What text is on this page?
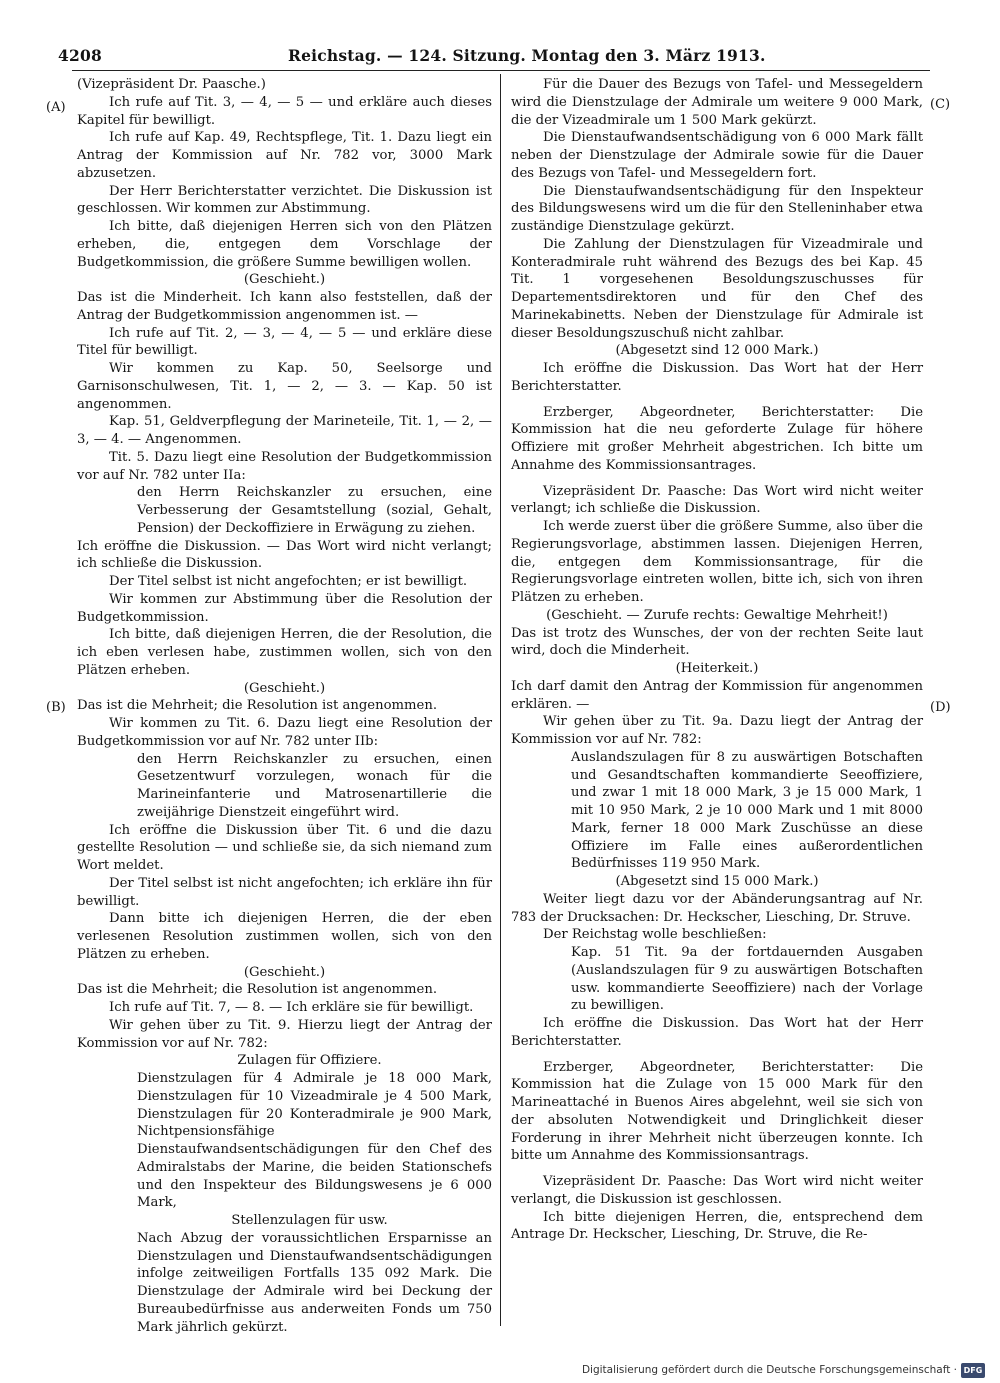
4208	Reichstag. — 124. Sitzung. Montag den 3. März 1913.
(A)
(B)
(C)
(D)

(Vizepräsident Dr. Paasche.)

Ich rufe auf Tit. 3, — 4, — 5 — und erkläre auch dieses Kapitel für bewilligt.

Ich rufe auf Kap. 49, Rechtspflege, Tit. 1. Dazu liegt ein Antrag der Kommission auf Nr. 782 vor, 3000 Mark abzusetzen.

Der Herr Berichterstatter verzichtet. Die Diskussion ist geschlossen. Wir kommen zur Abstimmung.

Ich bitte, daß diejenigen Herren sich von den Plätzen erheben, die, entgegen dem Vorschlage der Budgetkommission, die größere Summe bewilligen wollen.

(Geschieht.)

Das ist die Minderheit. Ich kann also feststellen, daß der Antrag der Budgetkommission angenommen ist. —

Ich rufe auf Tit. 2, — 3, — 4, — 5 — und erkläre diese Titel für bewilligt.

Wir kommen zu Kap. 50, Seelsorge und Garnisonschulwesen, Tit. 1, — 2, — 3. — Kap. 50 ist angenommen.

Kap. 51, Geldverpflegung der Marineteile, Tit. 1, — 2, — 3, — 4. — Angenommen.

Tit. 5. Dazu liegt eine Resolution der Budgetkommission vor auf Nr. 782 unter IIa:

den Herrn Reichskanzler zu ersuchen, eine Verbesserung der Gesamtstellung (sozial, Gehalt, Pension) der Deckoffiziere in Erwägung zu ziehen.

Ich eröffne die Diskussion. — Das Wort wird nicht verlangt; ich schließe die Diskussion.

Der Titel selbst ist nicht angefochten; er ist bewilligt.

Wir kommen zur Abstimmung über die Resolution der Budgetkommission.

Ich bitte, daß diejenigen Herren, die der Resolution, die ich eben verlesen habe, zustimmen wollen, sich von den Plätzen erheben.

(Geschieht.)

Das ist die Mehrheit; die Resolution ist angenommen.

Wir kommen zu Tit. 6. Dazu liegt eine Resolution der Budgetkommission vor auf Nr. 782 unter IIb:

den Herrn Reichskanzler zu ersuchen, einen Gesetzentwurf vorzulegen, wonach für die Marineinfanterie und Matrosenartillerie die zweijährige Dienstzeit eingeführt wird.

Ich eröffne die Diskussion über Tit. 6 und die dazu gestellte Resolution — und schließe sie, da sich niemand zum Wort meldet.

Der Titel selbst ist nicht angefochten; ich erkläre ihn für bewilligt.

Dann bitte ich diejenigen Herren, die der eben verlesenen Resolution zustimmen wollen, sich von den Plätzen zu erheben.

(Geschieht.)

Das ist die Mehrheit; die Resolution ist angenommen.

Ich rufe auf Tit. 7, — 8. — Ich erkläre sie für bewilligt.

Wir gehen über zu Tit. 9. Hierzu liegt der Antrag der Kommission vor auf Nr. 782:

Zulagen für Offiziere.

Dienstzulagen für 4 Admirale je 18 000 Mark, Dienstzulagen für 10 Vizeadmirale je 4 500 Mark, Dienstzulagen für 20 Konteradmirale je 900 Mark, Nichtpensionsfähige Dienstaufwandsentschädigungen für den Chef des Admiralstabs der Marine, die beiden Stationschefs und den Inspekteur des Bildungswesens je 6 000 Mark,

Stellenzulagen für usw.

Nach Abzug der voraussichtlichen Ersparnisse an Dienstzulagen und Dienstaufwandsentschädigungen infolge zeitweiligen Fortfalls 135 092 Mark. Die Dienstzulage der Admirale wird bei Deckung der Bureaubedürfnisse aus anderweiten Fonds um 750 Mark jährlich gekürzt.

Für die Dauer des Bezugs von Tafel- und Messegeldern wird die Dienstzulage der Admirale um weitere 9 000 Mark, die der Vizeadmirale um 1 500 Mark gekürzt.

Die Dienstaufwandsentschädigung von 6 000 Mark fällt neben der Dienstzulage der Admirale sowie für die Dauer des Bezugs von Tafel- und Messegeldern fort.

Die Dienstaufwandsentschädigung für den Inspekteur des Bildungswesens wird um die für den Stelleninhaber etwa zuständige Dienstzulage gekürzt.

Die Zahlung der Dienstzulagen für Vizeadmirale und Konteradmirale ruht während des Bezugs des bei Kap. 45 Tit. 1 vorgesehenen Besoldungszuschusses für Departementsdirektoren und für den Chef des Marinekabinetts. Neben der Dienstzulage für Admirale ist dieser Besoldungszuschuß nicht zahlbar.

(Abgesetzt sind 12 000 Mark.)

Ich eröffne die Diskussion. Das Wort hat der Herr Berichterstatter.

Erzberger, Abgeordneter, Berichterstatter: Die Kommission hat die neu geforderte Zulage für höhere Offiziere mit großer Mehrheit abgestrichen. Ich bitte um Annahme des Kommissionsantrages.

Vizepräsident Dr. Paasche: Das Wort wird nicht weiter verlangt; ich schließe die Diskussion.

Ich werde zuerst über die größere Summe, also über die Regierungsvorlage, abstimmen lassen. Diejenigen Herren, die, entgegen dem Kommissionsantrage, für die Regierungsvorlage eintreten wollen, bitte ich, sich von ihren Plätzen zu erheben.

(Geschieht. — Zurufe rechts: Gewaltige Mehrheit!)

Das ist trotz des Wunsches, der von der rechten Seite laut wird, doch die Minderheit.

(Heiterkeit.)

Ich darf damit den Antrag der Kommission für angenommen erklären. —

Wir gehen über zu Tit. 9a. Dazu liegt der Antrag der Kommission vor auf Nr. 782:

Auslandszulagen für 8 zu auswärtigen Botschaften und Gesandtschaften kommandierte Seeoffiziere, und zwar 1 mit 18 000 Mark, 3 je 15 000 Mark, 1 mit 10 950 Mark, 2 je 10 000 Mark und 1 mit 8000 Mark, ferner 18 000 Mark Zuschüsse an diese Offiziere im Falle eines außerordentlichen Bedürfnisses 119 950 Mark.

(Abgesetzt sind 15 000 Mark.)

Weiter liegt dazu vor der Abänderungsantrag auf Nr. 783 der Drucksachen: Dr. Heckscher, Liesching, Dr. Struve.

Der Reichstag wolle beschließen:

Kap. 51 Tit. 9a der fortdauernden Ausgaben (Auslandszulagen für 9 zu auswärtigen Botschaften usw. kommandierte Seeoffiziere) nach der Vorlage zu bewilligen.

Ich eröffne die Diskussion. Das Wort hat der Herr Berichterstatter.

Erzberger, Abgeordneter, Berichterstatter: Die Kommission hat die Zulage von 15 000 Mark für den Marineattaché in Buenos Aires abgelehnt, weil sie sich von der absoluten Notwendigkeit und Dringlichkeit dieser Forderung in ihrer Mehrheit nicht überzeugen konnte. Ich bitte um Annahme des Kommissionsantrags.

Vizepräsident Dr. Paasche: Das Wort wird nicht weiter verlangt, die Diskussion ist geschlossen.

Ich bitte diejenigen Herren, die, entsprechend dem Antrage Dr. Heckscher, Liesching, Dr. Struve, die Re-

Digitalisierung gefördert durch die Deutsche Forschungsgemeinschaft · DFG
